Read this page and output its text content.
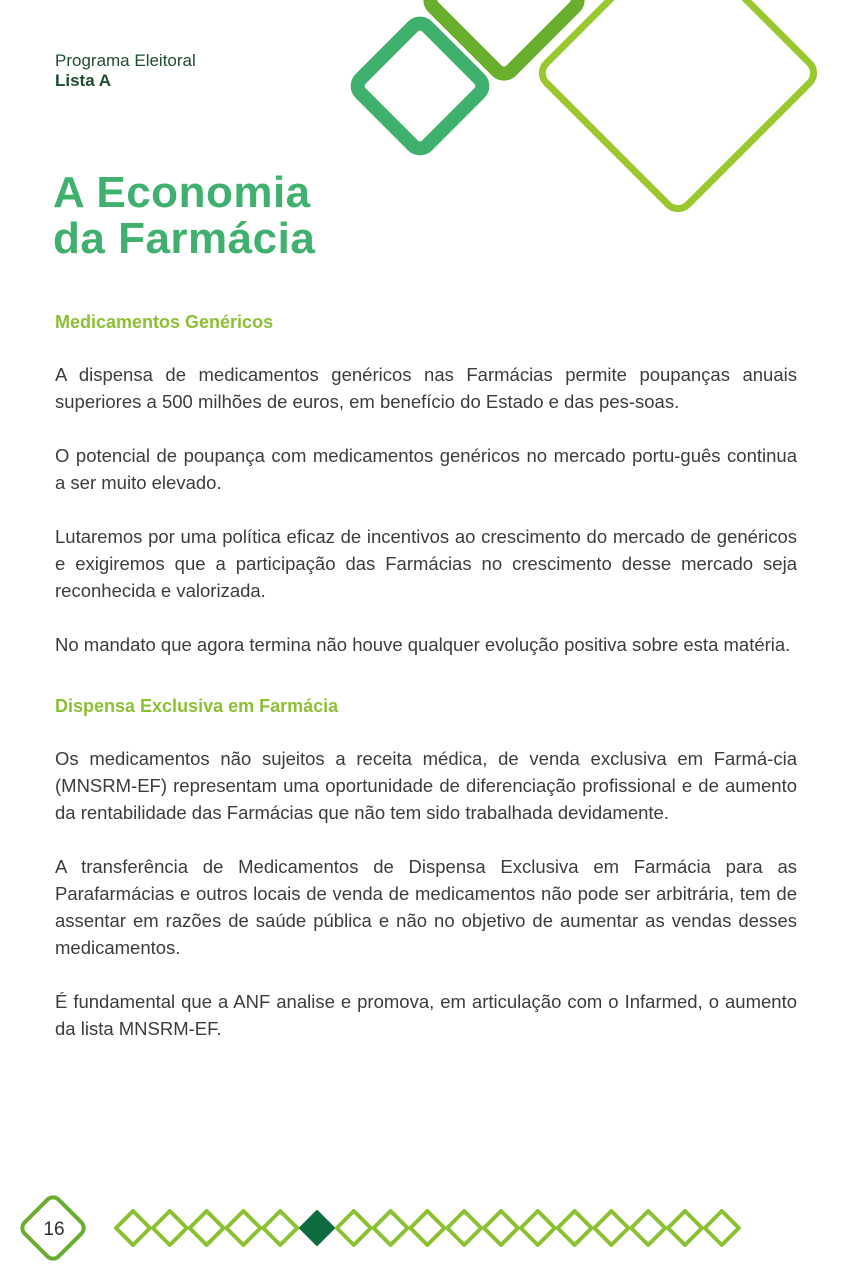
Programa Eleitoral
Lista A
A Economia
da Farmácia
Medicamentos Genéricos

A dispensa de medicamentos genéricos nas Farmácias permite poupanças anuais superiores a 500 milhões de euros, em benefício do Estado e das pes-soas.

O potencial de poupança com medicamentos genéricos no mercado portu-guês continua a ser muito elevado.

Lutaremos por uma política eficaz de incentivos ao crescimento do mercado de genéricos e exigiremos que a participação das Farmácias no crescimento desse mercado seja reconhecida e valorizada.

No mandato que agora termina não houve qualquer evolução positiva sobre esta matéria.

Dispensa Exclusiva em Farmácia

Os medicamentos não sujeitos a receita médica, de venda exclusiva em Farmá-cia (MNSRM-EF) representam uma oportunidade de diferenciação profissional e de aumento da rentabilidade das Farmácias que não tem sido trabalhada devidamente.

A transferência de Medicamentos de Dispensa Exclusiva em Farmácia para as Parafarmácias e outros locais de venda de medicamentos não pode ser arbitrária, tem de assentar em razões de saúde pública e não no objetivo de aumentar as vendas desses medicamentos.

É fundamental que a ANF analise e promova, em articulação com o Infarmed, o aumento da lista MNSRM-EF.

16
